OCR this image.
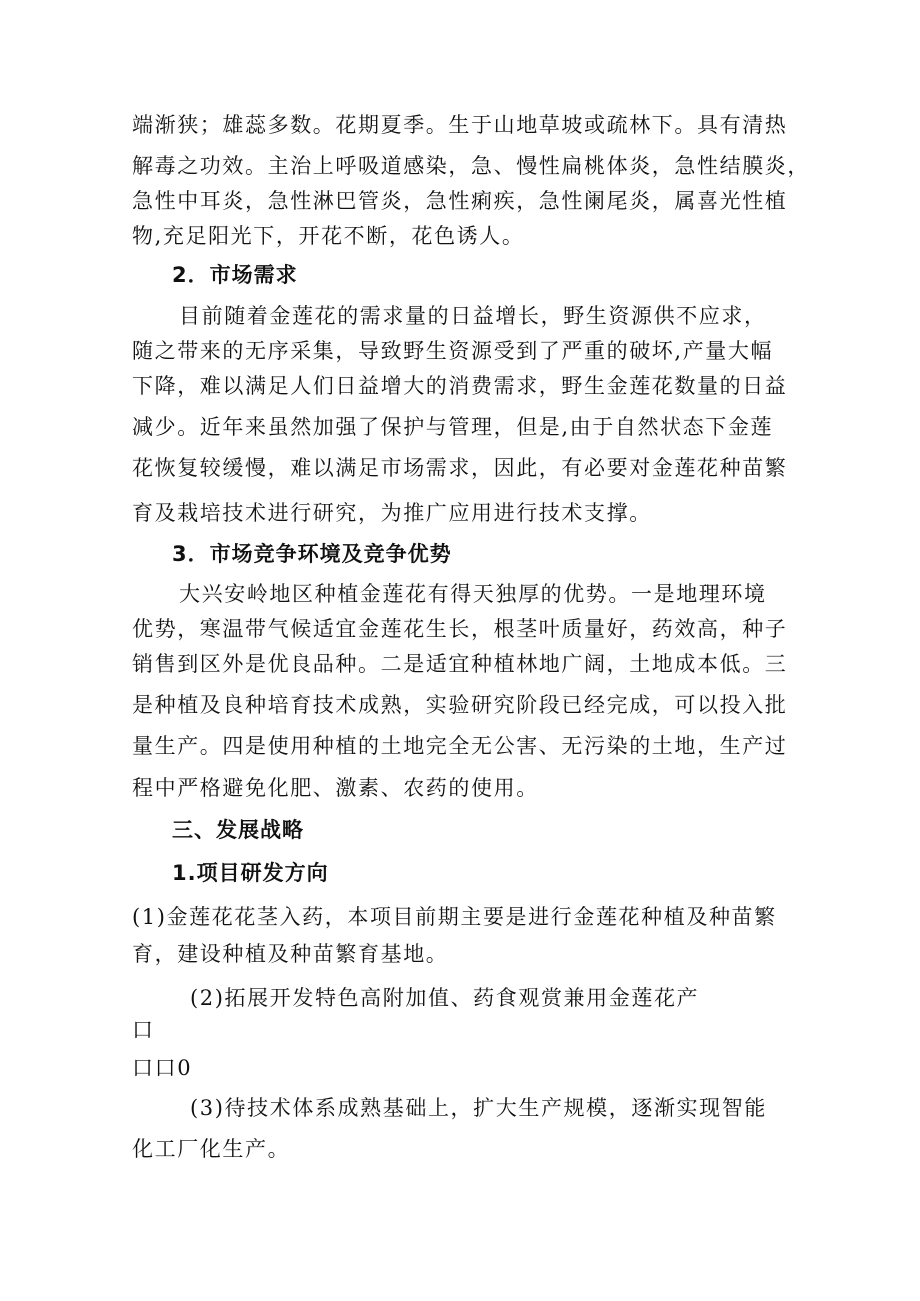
端渐狭；雄蕊多数。花期夏季。生于山地草坡或疏林下。具有清热
解毒之功效。主治上呼吸道感染，急、慢性扁桃体炎，急性结膜炎，
急性中耳炎，急性淋巴管炎，急性痢疾，急性阑尾炎，属喜光性植
物,充足阳光下，开花不断，花色诱人。
2．市场需求
目前随着金莲花的需求量的日益增长，野生资源供不应求，
随之带来的无序采集，导致野生资源受到了严重的破坏,产量大幅
下降，难以满足人们日益增大的消费需求，野生金莲花数量的日益
减少。近年来虽然加强了保护与管理，但是,由于自然状态下金莲
花恢复较缓慢，难以满足市场需求，因此，有必要对金莲花种苗繁
育及栽培技术进行研究，为推广应用进行技术支撑。
3．市场竞争环境及竞争优势
大兴安岭地区种植金莲花有得天独厚的优势。一是地理环境
优势，寒温带气候适宜金莲花生长，根茎叶质量好，药效高，种子
销售到区外是优良品种。二是适宜种植林地广阔，土地成本低。三
是种植及良种培育技术成熟，实验研究阶段已经完成，可以投入批
量生产。四是使用种植的土地完全无公害、无污染的土地，生产过
程中严格避免化肥、激素、农药的使用。
三、发展战略
1.项目研发方向
(1)金莲花花茎入药，本项目前期主要是进行金莲花种植及种苗繁
育，建设种植及种苗繁育基地。
(2)拓展开发特色高附加值、药食观赏兼用金莲花产
口
口口0
(3)待技术体系成熟基础上，扩大生产规模，逐渐实现智能
化工厂化生产。
